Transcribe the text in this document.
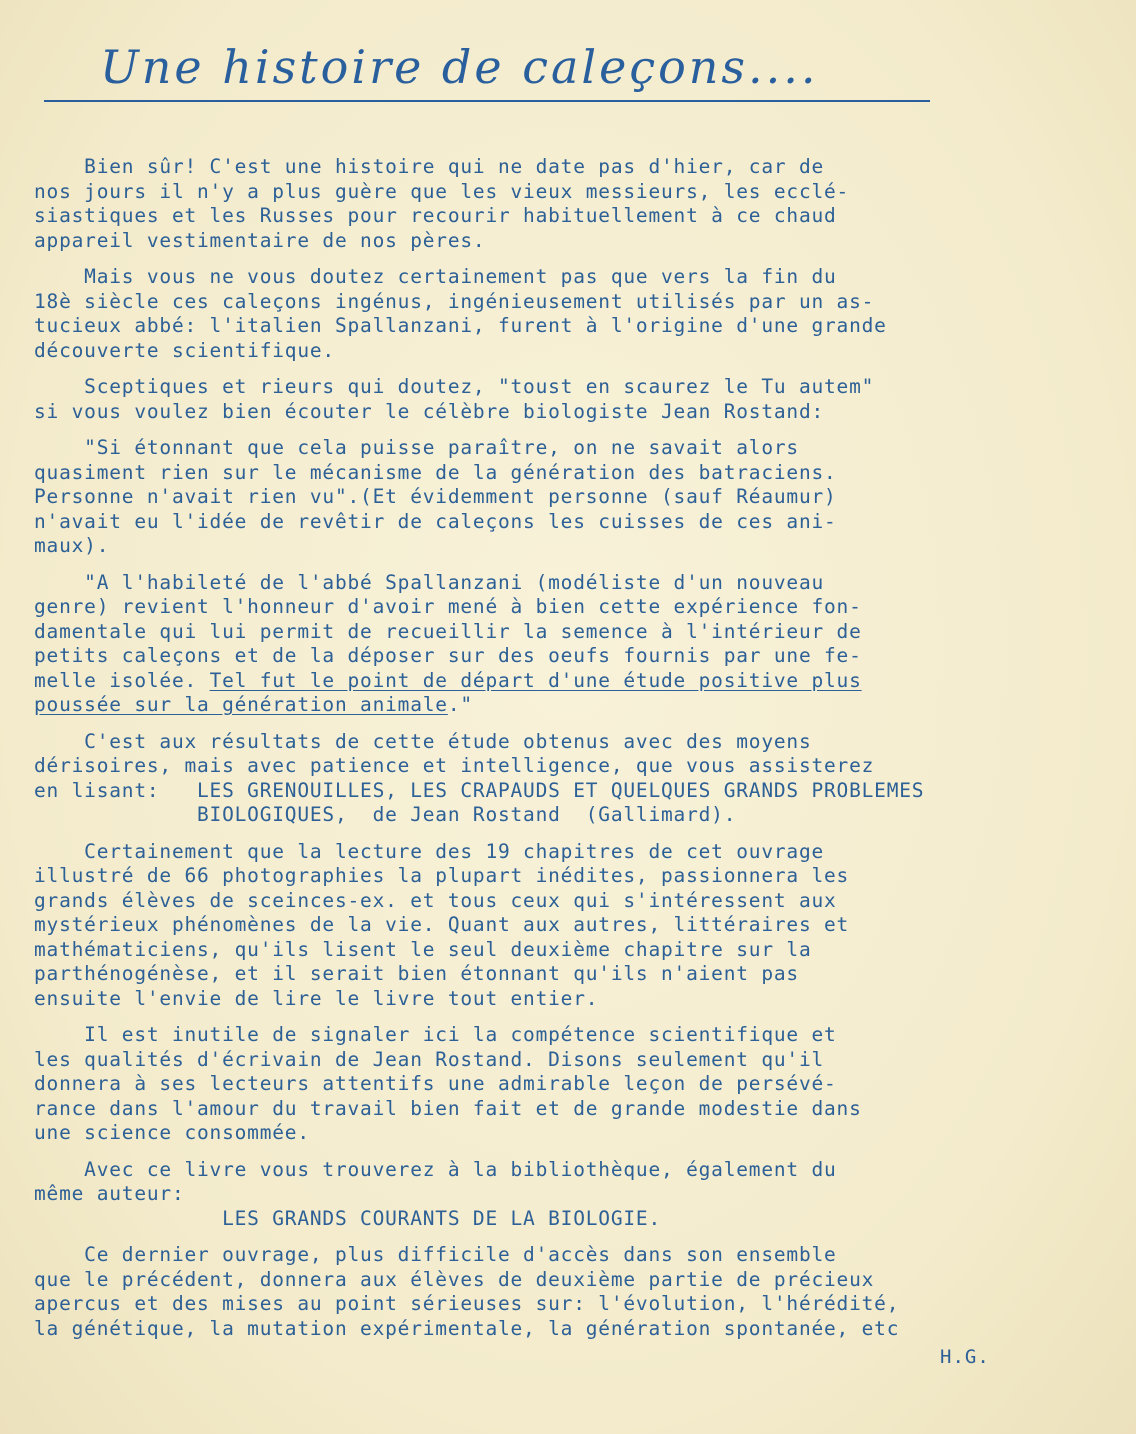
Une histoire de caleçons....
Bien sûr! C'est une histoire qui ne date pas d'hier, car de
nos jours il n'y a plus guère que les vieux messieurs, les ecclé-
siastiques et les Russes pour recourir habituellement à ce chaud
appareil vestimentaire de nos pères.
Mais vous ne vous doutez certainement pas que vers la fin du
18è siècle ces caleçons ingénus, ingénieusement utilisés par un as-
tucieux abbé: l'italien Spallanzani, furent à l'origine d'une grande
découverte scientifique.
Sceptiques et rieurs qui doutez, "toust en scaurez le Tu autem"
si vous voulez bien écouter le célèbre biologiste Jean Rostand:
"Si étonnant que cela puisse paraître, on ne savait alors
quasiment rien sur le mécanisme de la génération des batraciens.
Personne n'avait rien vu".(Et évidemment personne (sauf Réaumur)
n'avait eu l'idée de revêtir de caleçons les cuisses de ces ani-
maux).
"A l'habileté de l'abbé Spallanzani (modéliste d'un nouveau
genre) revient l'honneur d'avoir mené à bien cette expérience fon-
damentale qui lui permit de recueillir la semence à l'intérieur de
petits caleçons et de la déposer sur des oeufs fournis par une fe-
melle isolée. Tel fut le point de départ d'une étude positive plus
poussée sur la génération animale."
C'est aux résultats de cette étude obtenus avec des moyens
dérisoires, mais avec patience et intelligence, que vous assisterez
en lisant:   LES GRENOUILLES, LES CRAPAUDS ET QUELQUES GRANDS PROBLEMES
BIOLOGIQUES,  de Jean Rostand  (Gallimard).
Certainement que la lecture des 19 chapitres de cet ouvrage
illustré de 66 photographies la plupart inédites, passionnera les
grands élèves de sceinces-ex. et tous ceux qui s'intéressent aux
mystérieux phénomènes de la vie. Quant aux autres, littéraires et
mathématiciens, qu'ils lisent le seul deuxième chapitre sur la
parthénogénèse, et il serait bien étonnant qu'ils n'aient pas
ensuite l'envie de lire le livre tout entier.
Il est inutile de signaler ici la compétence scientifique et
les qualités d'écrivain de Jean Rostand. Disons seulement qu'il
donnera à ses lecteurs attentifs une admirable leçon de persévé-
rance dans l'amour du travail bien fait et de grande modestie dans
une science consommée.
Avec ce livre vous trouverez à la bibliothèque, également du
même auteur:
LES GRANDS COURANTS DE LA BIOLOGIE.
Ce dernier ouvrage, plus difficile d'accès dans son ensemble
que le précédent, donnera aux élèves de deuxième partie de précieux
apercus et des mises au point sérieuses sur: l'évolution, l'hérédité,
la génétique, la mutation expérimentale, la génération spontanée, etc
H.G.
